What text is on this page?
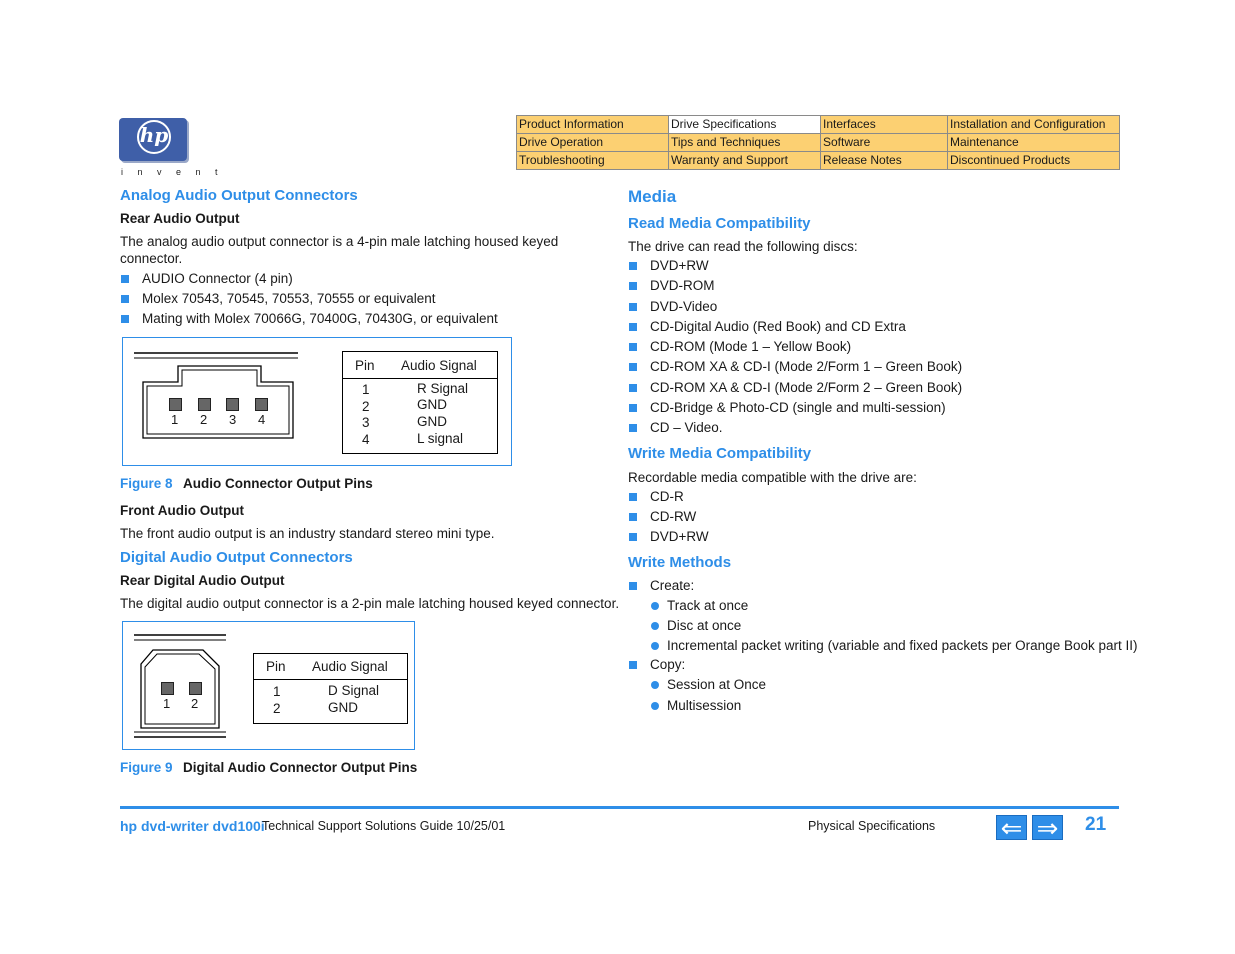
hp
i n v e n t
Product Information	Drive Specifications	Interfaces	Installation and Configuration
Drive Operation	Tips and Techniques	Software	Maintenance
Troubleshooting	Warranty and Support	Release Notes	Discontinued Products
Analog Audio Output Connectors
Rear Audio Output
The analog audio output connector is a 4-pin male latching housed keyed connector.
AUDIO Connector (4 pin)
Molex 70543, 70545, 70553, 70555 or equivalent
Mating with Molex 70066G, 70400G, 70430G, or equivalent
1 2 3 4
Pin Audio Signal
1	R Signal
2	GND
3	GND
4	L signal
Figure 8 Audio Connector Output Pins
Front Audio Output
The front audio output is an industry standard stereo mini type.
Digital Audio Output Connectors
Rear Digital Audio Output
The digital audio output connector is a 2-pin male latching housed keyed connector.
1 2
Pin Audio Signal
1	D Signal
2	GND
Figure 9 Digital Audio Connector Output Pins
Media
Read Media Compatibility
The drive can read the following discs:
DVD+RW
DVD-ROM
DVD-Video
CD-Digital Audio (Red Book) and CD Extra
CD-ROM (Mode 1 – Yellow Book)
CD-ROM XA & CD-I (Mode 2/Form 1 – Green Book)
CD-ROM XA & CD-I (Mode 2/Form 2 – Green Book)
CD-Bridge & Photo-CD (single and multi-session)
CD – Video.
Write Media Compatibility
Recordable media compatible with the drive are:
CD-R
CD-RW
DVD+RW
Write Methods
Create:
Track at once
Disc at once
Incremental packet writing (variable and fixed packets per Orange Book part II)
Copy:
Session at Once
Multisession
hp dvd-writer dvd100i
Technical Support Solutions Guide 10/25/01	Physical Specifications	⇐ ⇒ 21
